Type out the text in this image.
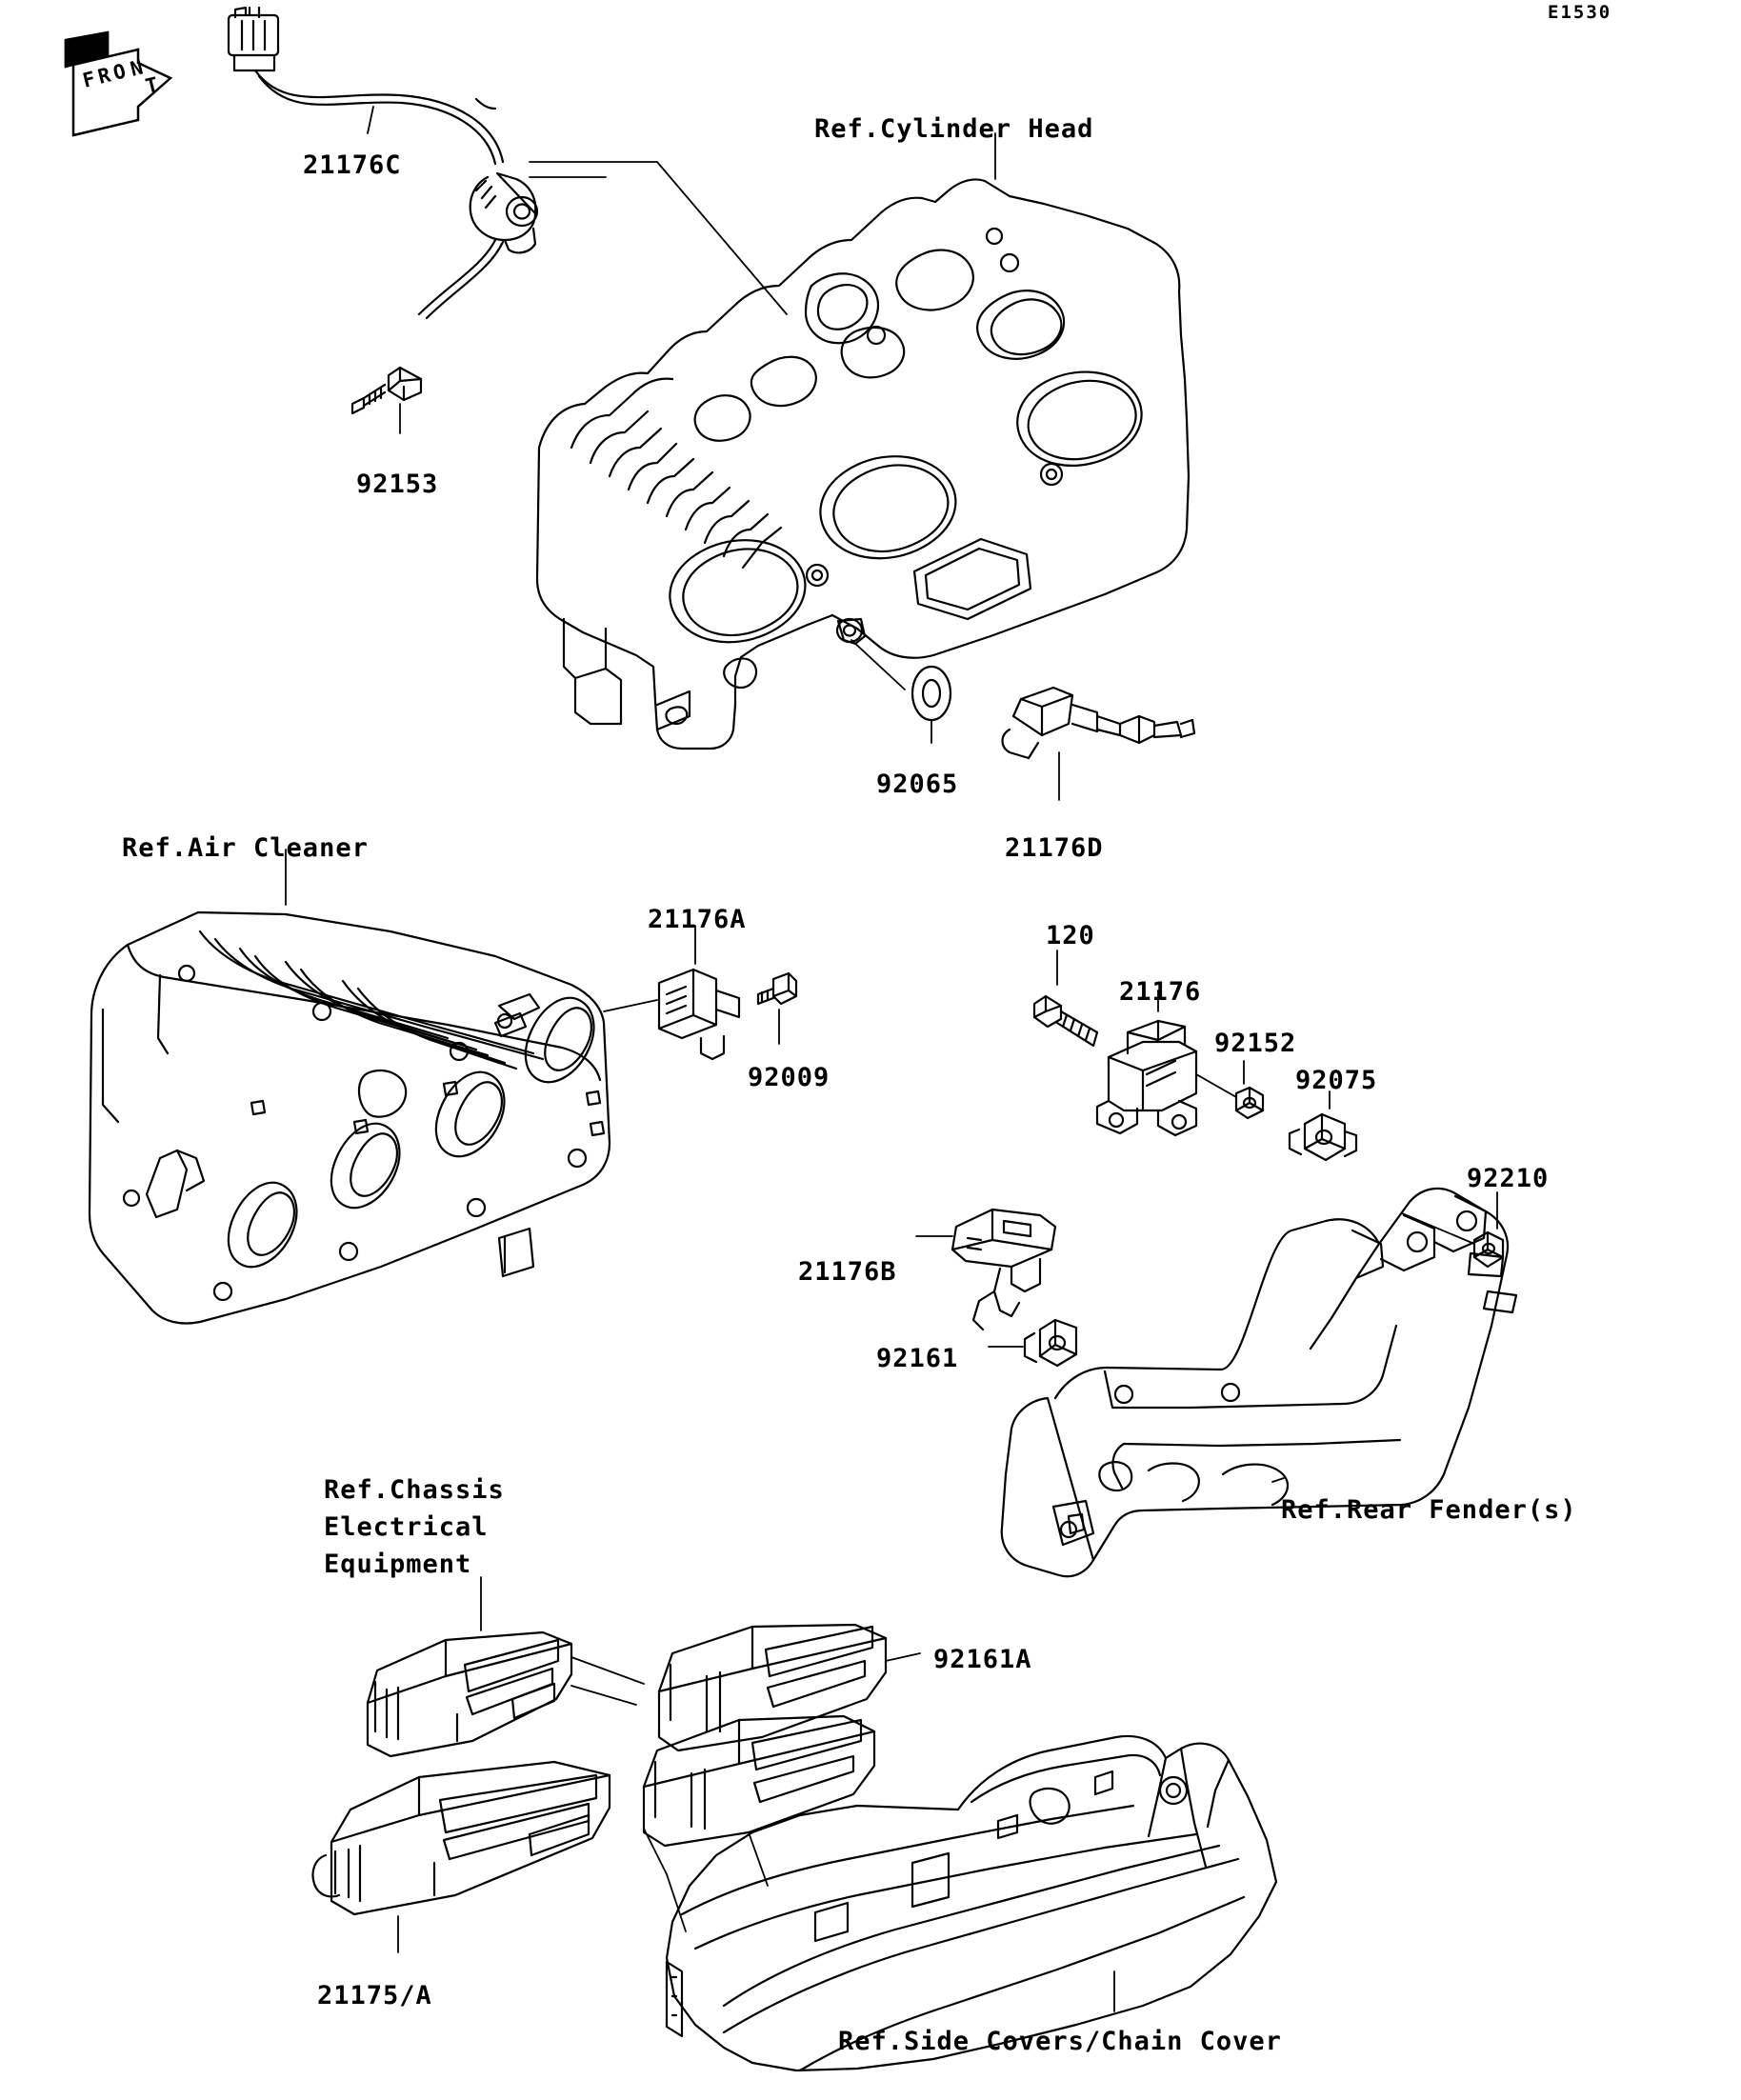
E1530
F
R
O N
T
21176C
92153
Ref.Cylinder Head
92065
21176D
Ref.Air Cleaner
21176A
92009
120
21176
92152
92075
92210
21176B
92161
Ref.Rear Fender(s)
92161A
21175/A
Ref.Side Covers/Chain Cover
Ref.Chassis
Electrical
Equipment
